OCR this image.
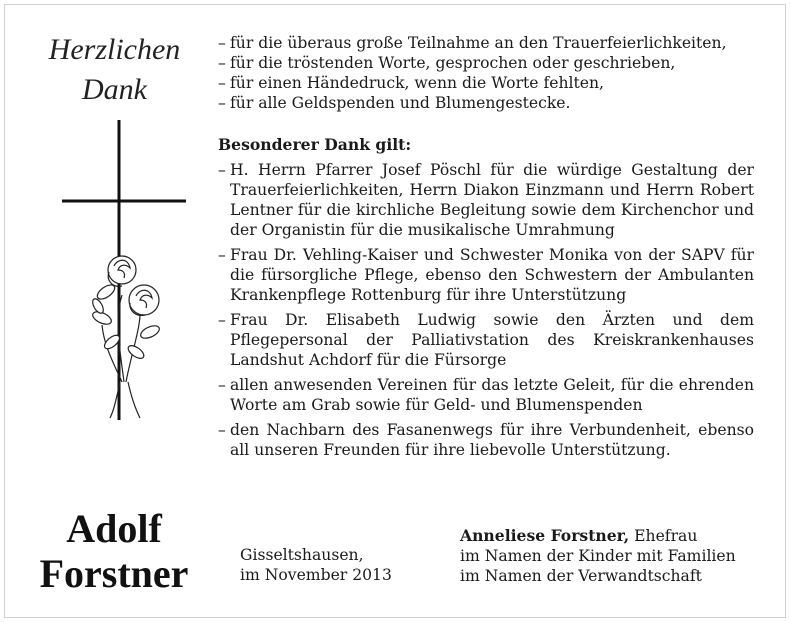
Herzlichen
Dank
Adolf
Forstner
– für die überaus große Teilnahme an den Trauerfeierlichkeiten,
– für die tröstenden Worte, gesprochen oder geschrieben,
– für einen Händedruck, wenn die Worte fehlten,
– für alle Geldspenden und Blumengestecke.
Besonderer Dank gilt:
– H. Herrn Pfarrer Josef Pöschl für die würdige Gestaltung der Trauerfeierlichkeiten, Herrn Diakon Einzmann und Herrn Robert Lentner für die kirchliche Begleitung sowie dem Kirchenchor und der Organistin für die musikalische Umrahmung
– Frau Dr. Vehling-Kaiser und Schwester Monika von der SAPV für die fürsorgliche Pflege, ebenso den Schwestern der Ambulanten Krankenpflege Rottenburg für ihre Unterstützung
– Frau Dr. Elisabeth Ludwig sowie den Ärzten und dem Pflegepersonal der Palliativstation des Kreiskrankenhauses Landshut Achdorf für die Fürsorge
– allen anwesenden Vereinen für das letzte Geleit, für die ehrenden Worte am Grab sowie für Geld- und Blumenspenden
– den Nachbarn des Fasanenwegs für ihre Verbundenheit, ebenso all unseren Freunden für ihre liebevolle Unterstützung.
Gisseltshausen,
im November 2013
Anneliese Forstner, Ehefrau
im Namen der Kinder mit Familien
im Namen der Verwandtschaft
